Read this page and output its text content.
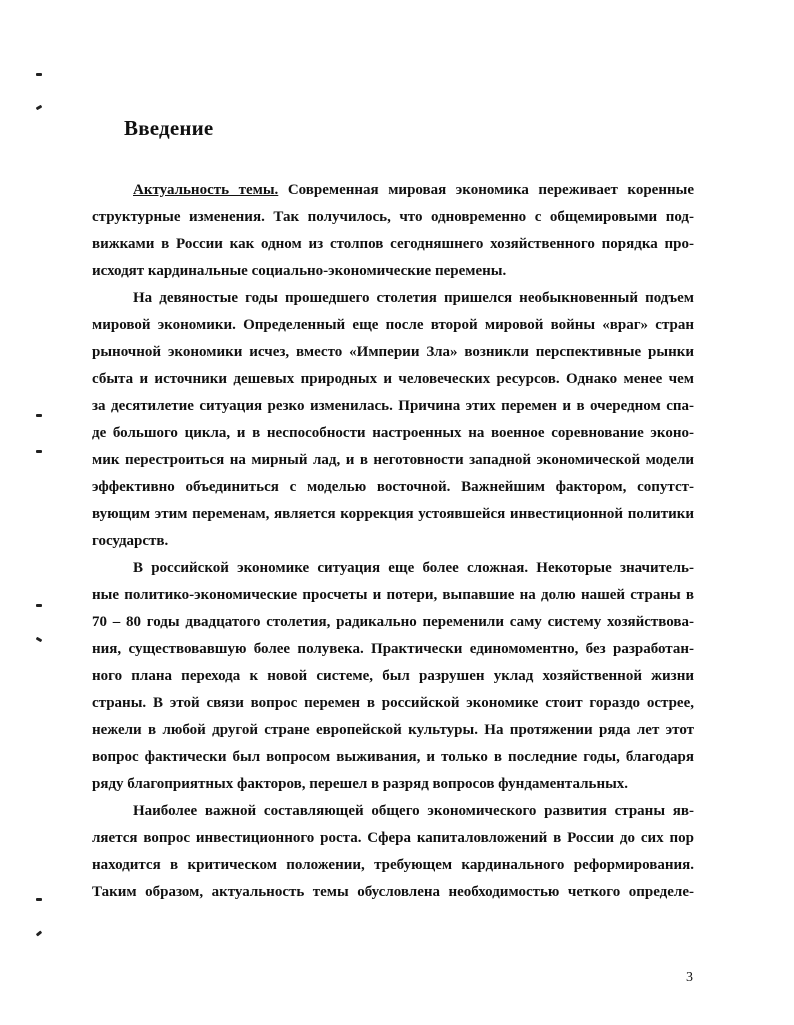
Введение
Актуальность темы. Современная мировая экономика переживает коренные
структурные изменения. Так получилось, что одновременно с общемировыми под-
вижками в России как одном из столпов сегодняшнего хозяйственного порядка про-
исходят кардинальные социально-экономические перемены.
На девяностые годы прошедшего столетия пришелся необыкновенный подъем
мировой экономики. Определенный еще после второй мировой войны «враг» стран
рыночной экономики исчез, вместо «Империи Зла» возникли перспективные рынки
сбыта и источники дешевых природных и человеческих ресурсов. Однако менее чем
за десятилетие ситуация резко изменилась. Причина этих перемен и в очередном спа-
де большого цикла, и в неспособности настроенных на военное соревнование эконо-
мик перестроиться на мирный лад, и в неготовности западной экономической модели
эффективно объединиться с моделью восточной. Важнейшим фактором, сопутст-
вующим этим переменам, является коррекция устоявшейся инвестиционной политики
государств.
В российской экономике ситуация еще более сложная. Некоторые значитель-
ные политико-экономические просчеты и потери, выпавшие на долю нашей страны в
70 – 80 годы двадцатого столетия, радикально переменили саму систему хозяйствова-
ния, существовавшую более полувека. Практически единомоментно, без разработан-
ного плана перехода к новой системе, был разрушен уклад хозяйственной жизни
страны. В этой связи вопрос перемен в российской экономике стоит гораздо острее,
нежели в любой другой стране европейской культуры. На протяжении ряда лет этот
вопрос фактически был вопросом выживания, и только в последние годы, благодаря
ряду благоприятных факторов, перешел в разряд вопросов фундаментальных.
Наиболее важной составляющей общего экономического развития страны яв-
ляется вопрос инвестиционного роста. Сфера капиталовложений в России до сих пор
находится в критическом положении, требующем кардинального реформирования.
Таким образом, актуальность темы обусловлена необходимостью четкого определе-
3
